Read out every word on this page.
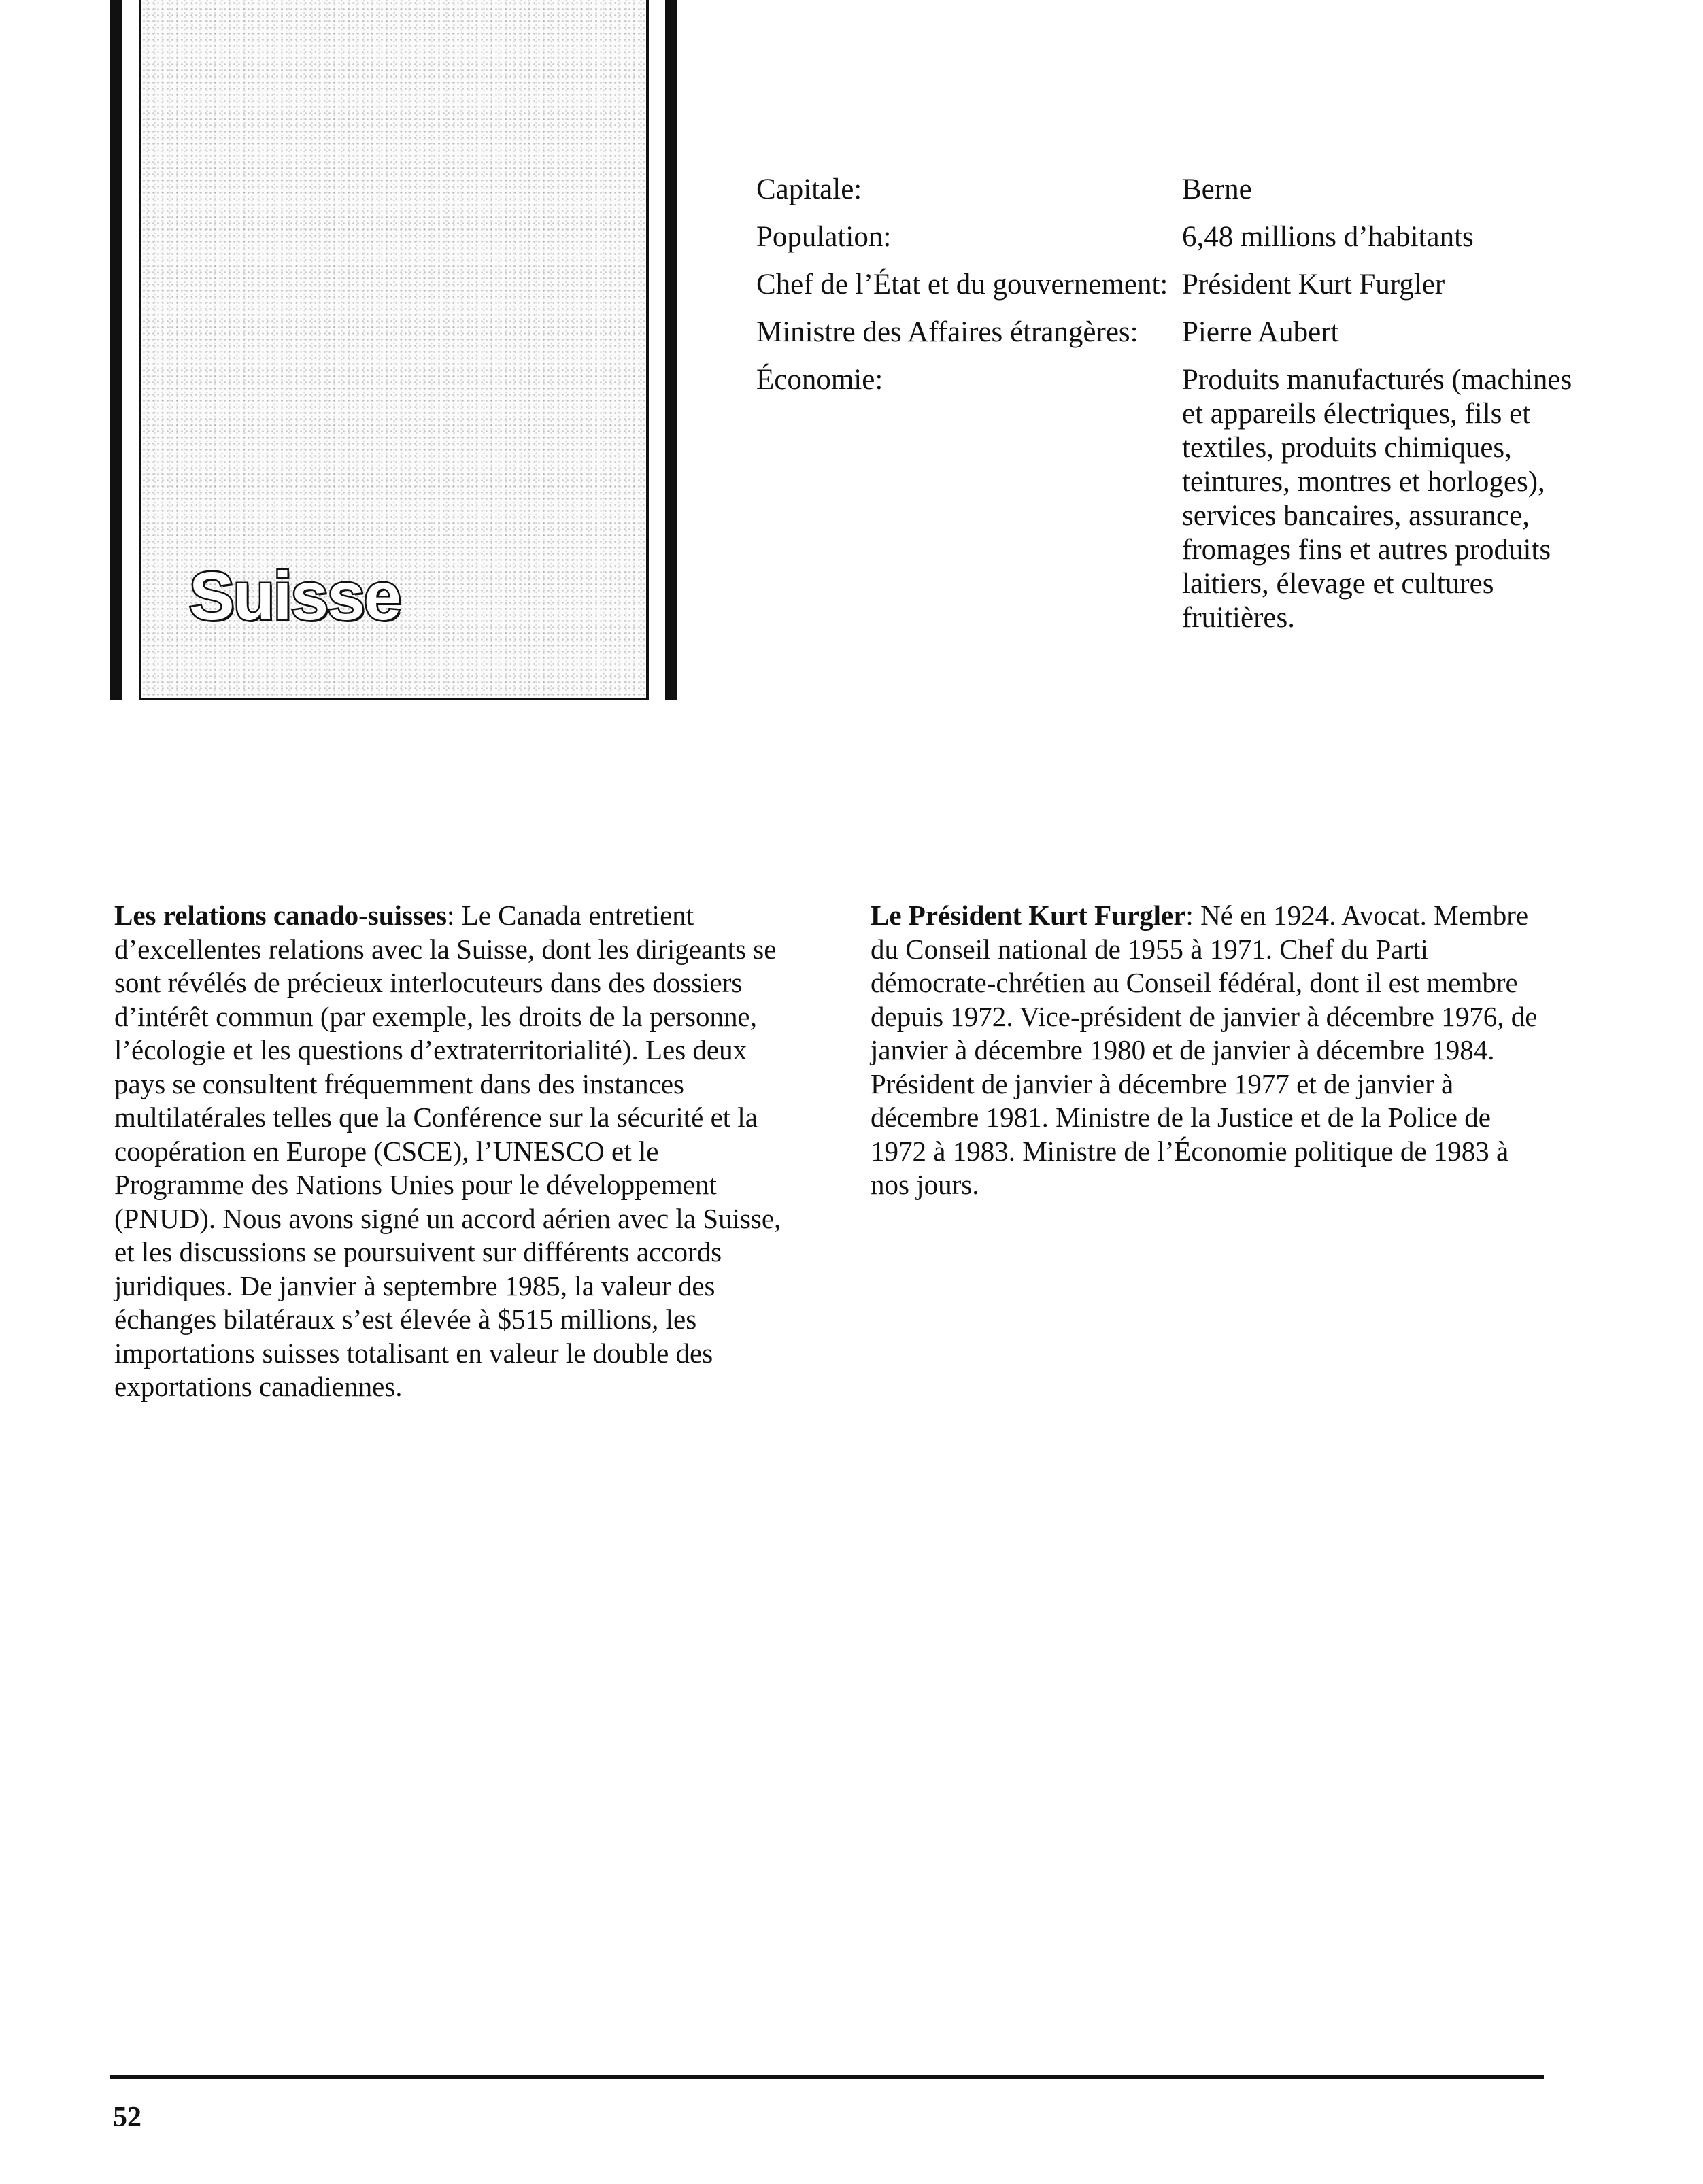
Suisse
Capitale:	Berne
Population:	6,48 millions d’habitants
Chef de l’État et du gouvernement: Président Kurt Furgler
Ministre des Affaires étrangères:	Pierre Aubert
Économie:	Produits manufacturés (machines et appareils électriques, fils et textiles, produits chimiques, teintures, montres et horloges), services bancaires, assurance, fromages fins et autres produits laitiers, élevage et cultures fruitières.

Les relations canado-suisses: Le Canada entretient d’excellentes relations avec la Suisse, dont les dirigeants se sont révélés de précieux interlocuteurs dans des dossiers d’intérêt commun (par exemple, les droits de la personne, l’écologie et les questions d’extraterritorialité). Les deux pays se consultent fréquemment dans des instances multilatérales telles que la Conférence sur la sécurité et la coopération en Europe (CSCE), l’UNESCO et le Programme des Nations Unies pour le développement (PNUD). Nous avons signé un accord aérien avec la Suisse, et les discussions se poursuivent sur différents accords juridiques. De janvier à septembre 1985, la valeur des échanges bilatéraux s’est élevée à $515 millions, les importations suisses totalisant en valeur le double des exportations canadiennes.

Le Président Kurt Furgler: Né en 1924. Avocat. Membre du Conseil national de 1955 à 1971. Chef du Parti démocrate-chrétien au Conseil fédéral, dont il est membre depuis 1972. Vice-président de janvier à décembre 1976, de janvier à décembre 1980 et de janvier à décembre 1984. Président de janvier à décembre 1977 et de janvier à décembre 1981. Ministre de la Justice et de la Police de 1972 à 1983. Ministre de l’Économie politique de 1983 à nos jours.

52
